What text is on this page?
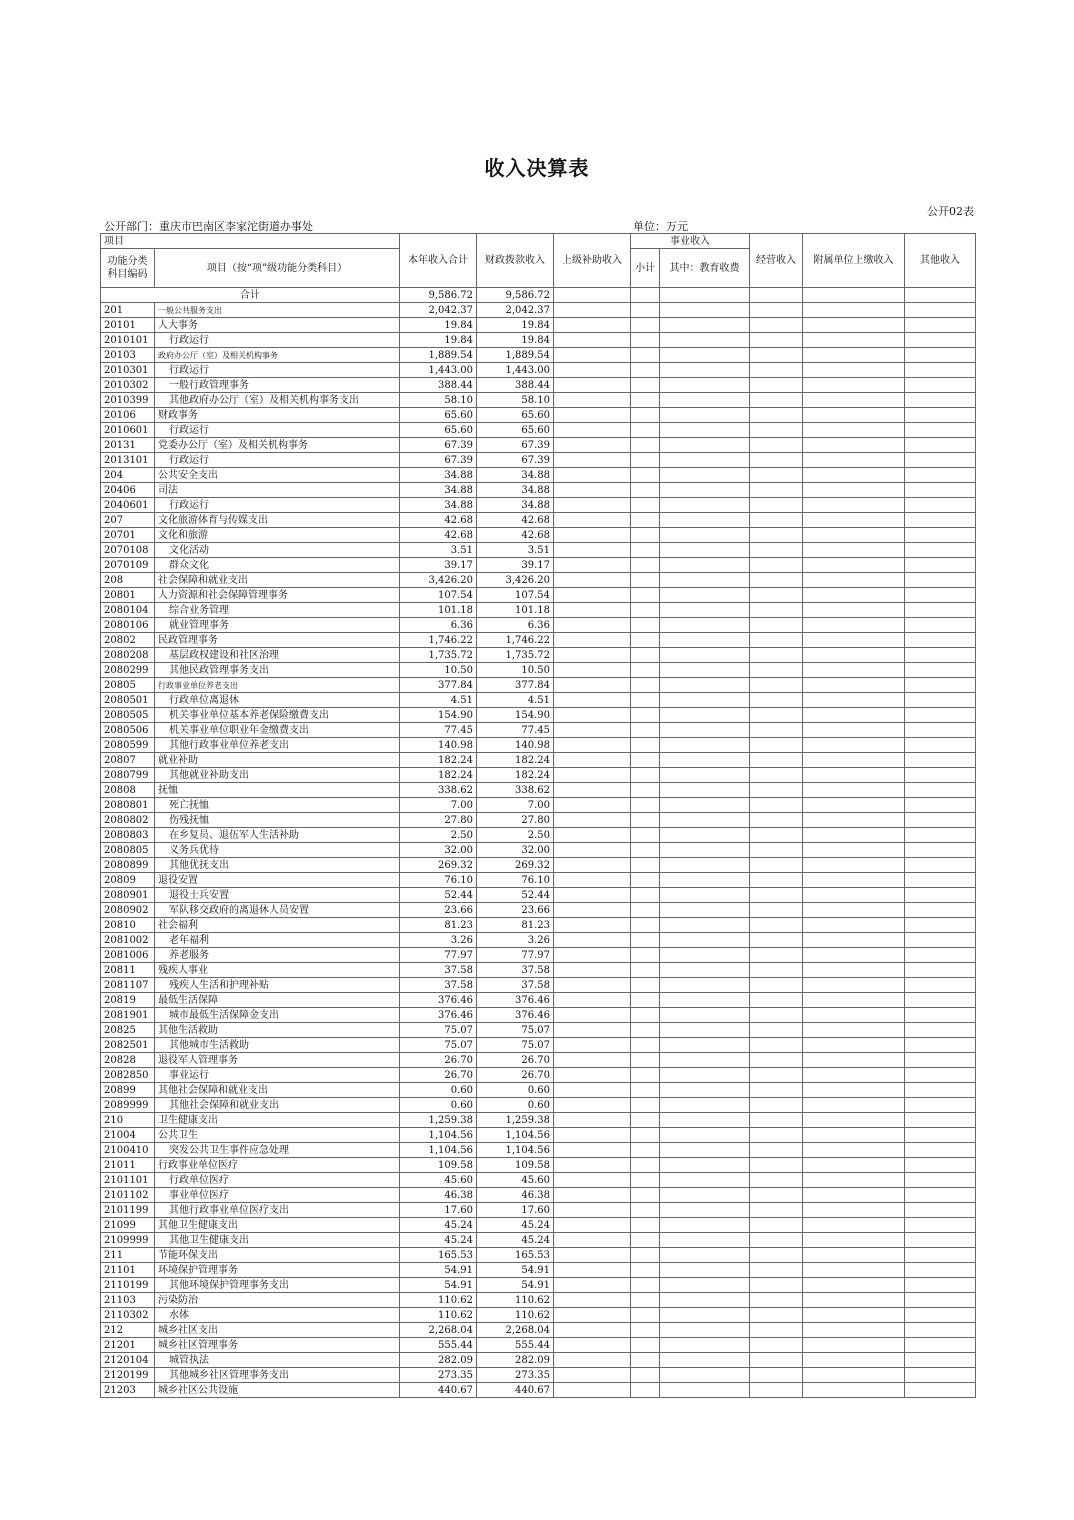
收入决算表
公开02表
公开部门：重庆市巴南区李家沱街道办事处	单位：万元
项目		本年收入合计	财政拨款收入	上级补助收入	事业收入		经营收入	附属单位上缴收入	其他收入
功能分类科目编码	项目（按“项”级功能分类科目）				小计	其中：教育收费			

合计		9,586.72	9,586.72						
201	一般公共服务支出	2,042.37	2,042.37						
20101	人大事务	19.84	19.84						
2010101	行政运行	19.84	19.84						
20103	政府办公厅（室）及相关机构事务	1,889.54	1,889.54						
2010301	行政运行	1,443.00	1,443.00						
2010302	一般行政管理事务	388.44	388.44						
2010399	其他政府办公厅（室）及相关机构事务支出	58.10	58.10						
20106	财政事务	65.60	65.60						
2010601	行政运行	65.60	65.60						
20131	党委办公厅（室）及相关机构事务	67.39	67.39						
2013101	行政运行	67.39	67.39						
204	公共安全支出	34.88	34.88						
20406	司法	34.88	34.88						
2040601	行政运行	34.88	34.88						
207	文化旅游体育与传媒支出	42.68	42.68						
20701	文化和旅游	42.68	42.68						
2070108	文化活动	3.51	3.51						
2070109	群众文化	39.17	39.17						
208	社会保障和就业支出	3,426.20	3,426.20						
20801	人力资源和社会保障管理事务	107.54	107.54						
2080104	综合业务管理	101.18	101.18						
2080106	就业管理事务	6.36	6.36						
20802	民政管理事务	1,746.22	1,746.22						
2080208	基层政权建设和社区治理	1,735.72	1,735.72						
2080299	其他民政管理事务支出	10.50	10.50						
20805	行政事业单位养老支出	377.84	377.84						
2080501	行政单位离退休	4.51	4.51						
2080505	机关事业单位基本养老保险缴费支出	154.90	154.90						
2080506	机关事业单位职业年金缴费支出	77.45	77.45						
2080599	其他行政事业单位养老支出	140.98	140.98						
20807	就业补助	182.24	182.24						
2080799	其他就业补助支出	182.24	182.24						
20808	抚恤	338.62	338.62						
2080801	死亡抚恤	7.00	7.00						
2080802	伤残抚恤	27.80	27.80						
2080803	在乡复员、退伍军人生活补助	2.50	2.50						
2080805	义务兵优待	32.00	32.00						
2080899	其他优抚支出	269.32	269.32						
20809	退役安置	76.10	76.10						
2080901	退役士兵安置	52.44	52.44						
2080902	军队移交政府的离退休人员安置	23.66	23.66						
20810	社会福利	81.23	81.23						
2081002	老年福利	3.26	3.26						
2081006	养老服务	77.97	77.97						
20811	残疾人事业	37.58	37.58						
2081107	残疾人生活和护理补贴	37.58	37.58						
20819	最低生活保障	376.46	376.46						
2081901	城市最低生活保障金支出	376.46	376.46						
20825	其他生活救助	75.07	75.07						
2082501	其他城市生活救助	75.07	75.07						
20828	退役军人管理事务	26.70	26.70						
2082850	事业运行	26.70	26.70						
20899	其他社会保障和就业支出	0.60	0.60						
2089999	其他社会保障和就业支出	0.60	0.60						
210	卫生健康支出	1,259.38	1,259.38						
21004	公共卫生	1,104.56	1,104.56						
2100410	突发公共卫生事件应急处理	1,104.56	1,104.56						
21011	行政事业单位医疗	109.58	109.58						
2101101	行政单位医疗	45.60	45.60						
2101102	事业单位医疗	46.38	46.38						
2101199	其他行政事业单位医疗支出	17.60	17.60						
21099	其他卫生健康支出	45.24	45.24						
2109999	其他卫生健康支出	45.24	45.24						
211	节能环保支出	165.53	165.53						
21101	环境保护管理事务	54.91	54.91						
2110199	其他环境保护管理事务支出	54.91	54.91						
21103	污染防治	110.62	110.62						
2110302	水体	110.62	110.62						
212	城乡社区支出	2,268.04	2,268.04						
21201	城乡社区管理事务	555.44	555.44						
2120104	城管执法	282.09	282.09						
2120199	其他城乡社区管理事务支出	273.35	273.35						
21203	城乡社区公共设施	440.67	440.67						
